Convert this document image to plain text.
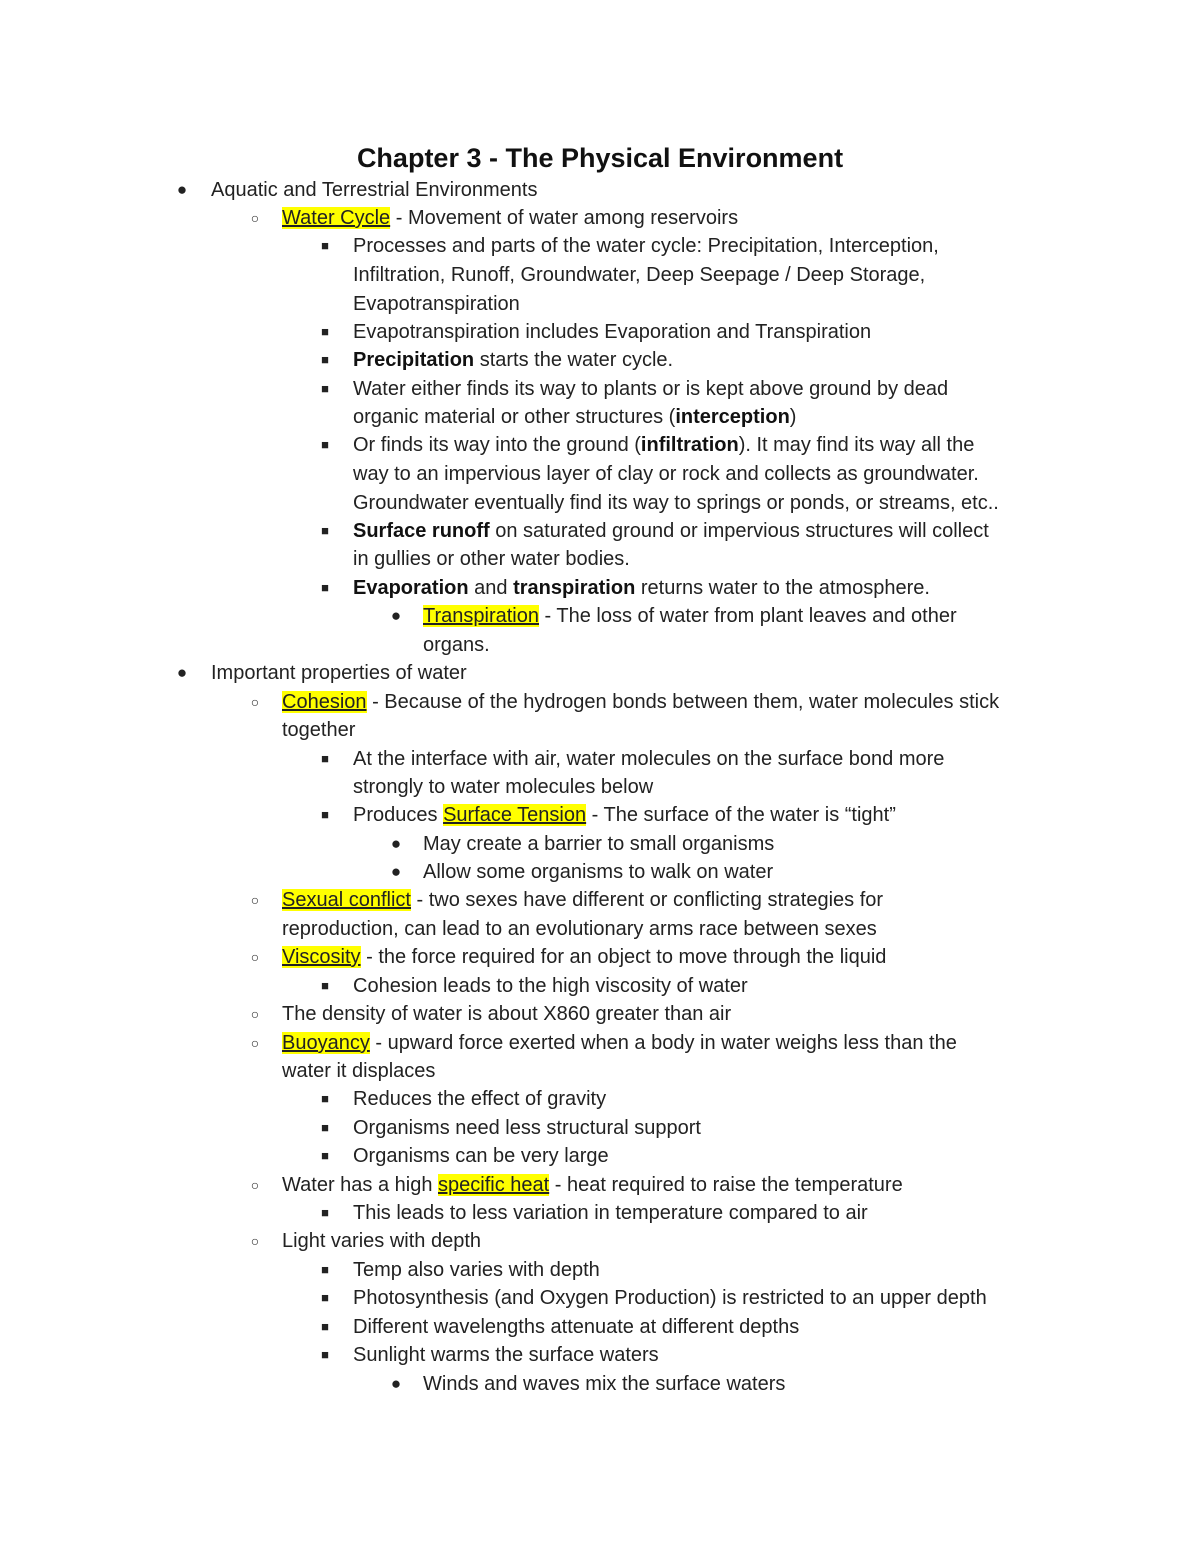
Chapter 3 - The Physical Environment
● Aquatic and Terrestrial Environments
○ Water Cycle - Movement of water among reservoirs
■	Processes and parts of the water cycle: Precipitation, Interception,
Infiltration, Runoff, Groundwater, Deep Seepage / Deep Storage,
Evapotranspiration
■	Evapotranspiration includes Evaporation and Transpiration
■	Precipitation starts the water cycle.
■	Water either finds its way to plants or is kept above ground by dead
organic material or other structures (interception)
■	Or finds its way into the ground (infiltration). It may find its way all the
way to an impervious layer of clay or rock and collects as groundwater.
Groundwater eventually find its way to springs or ponds, or streams, etc..
■	Surface runoff on saturated ground or impervious structures will collect
in gullies or other water bodies.
■	Evaporation and transpiration returns water to the atmosphere.
● Transpiration - The loss of water from plant leaves and other
organs.
● Important properties of water
○ Cohesion - Because of the hydrogen bonds between them, water molecules stick
together
■	At the interface with air, water molecules on the surface bond more
strongly to water molecules below
■	Produces Surface Tension - The surface of the water is “tight”
● May create a barrier to small organisms
● Allow some organisms to walk on water
○ Sexual conflict - two sexes have different or conflicting strategies for
reproduction, can lead to an evolutionary arms race between sexes
○ Viscosity - the force required for an object to move through the liquid
■	Cohesion leads to the high viscosity of water
○ The density of water is about X860 greater than air
○ Buoyancy - upward force exerted when a body in water weighs less than the
water it displaces
■	Reduces the effect of gravity
■	Organisms need less structural support
■	Organisms can be very large
○ Water has a high specific heat - heat required to raise the temperature
■	This leads to less variation in temperature compared to air
○ Light varies with depth
■	Temp also varies with depth
■	Photosynthesis (and Oxygen Production) is restricted to an upper depth
■	Different wavelengths attenuate at different depths
■	Sunlight warms the surface waters
● Winds and waves mix the surface waters
